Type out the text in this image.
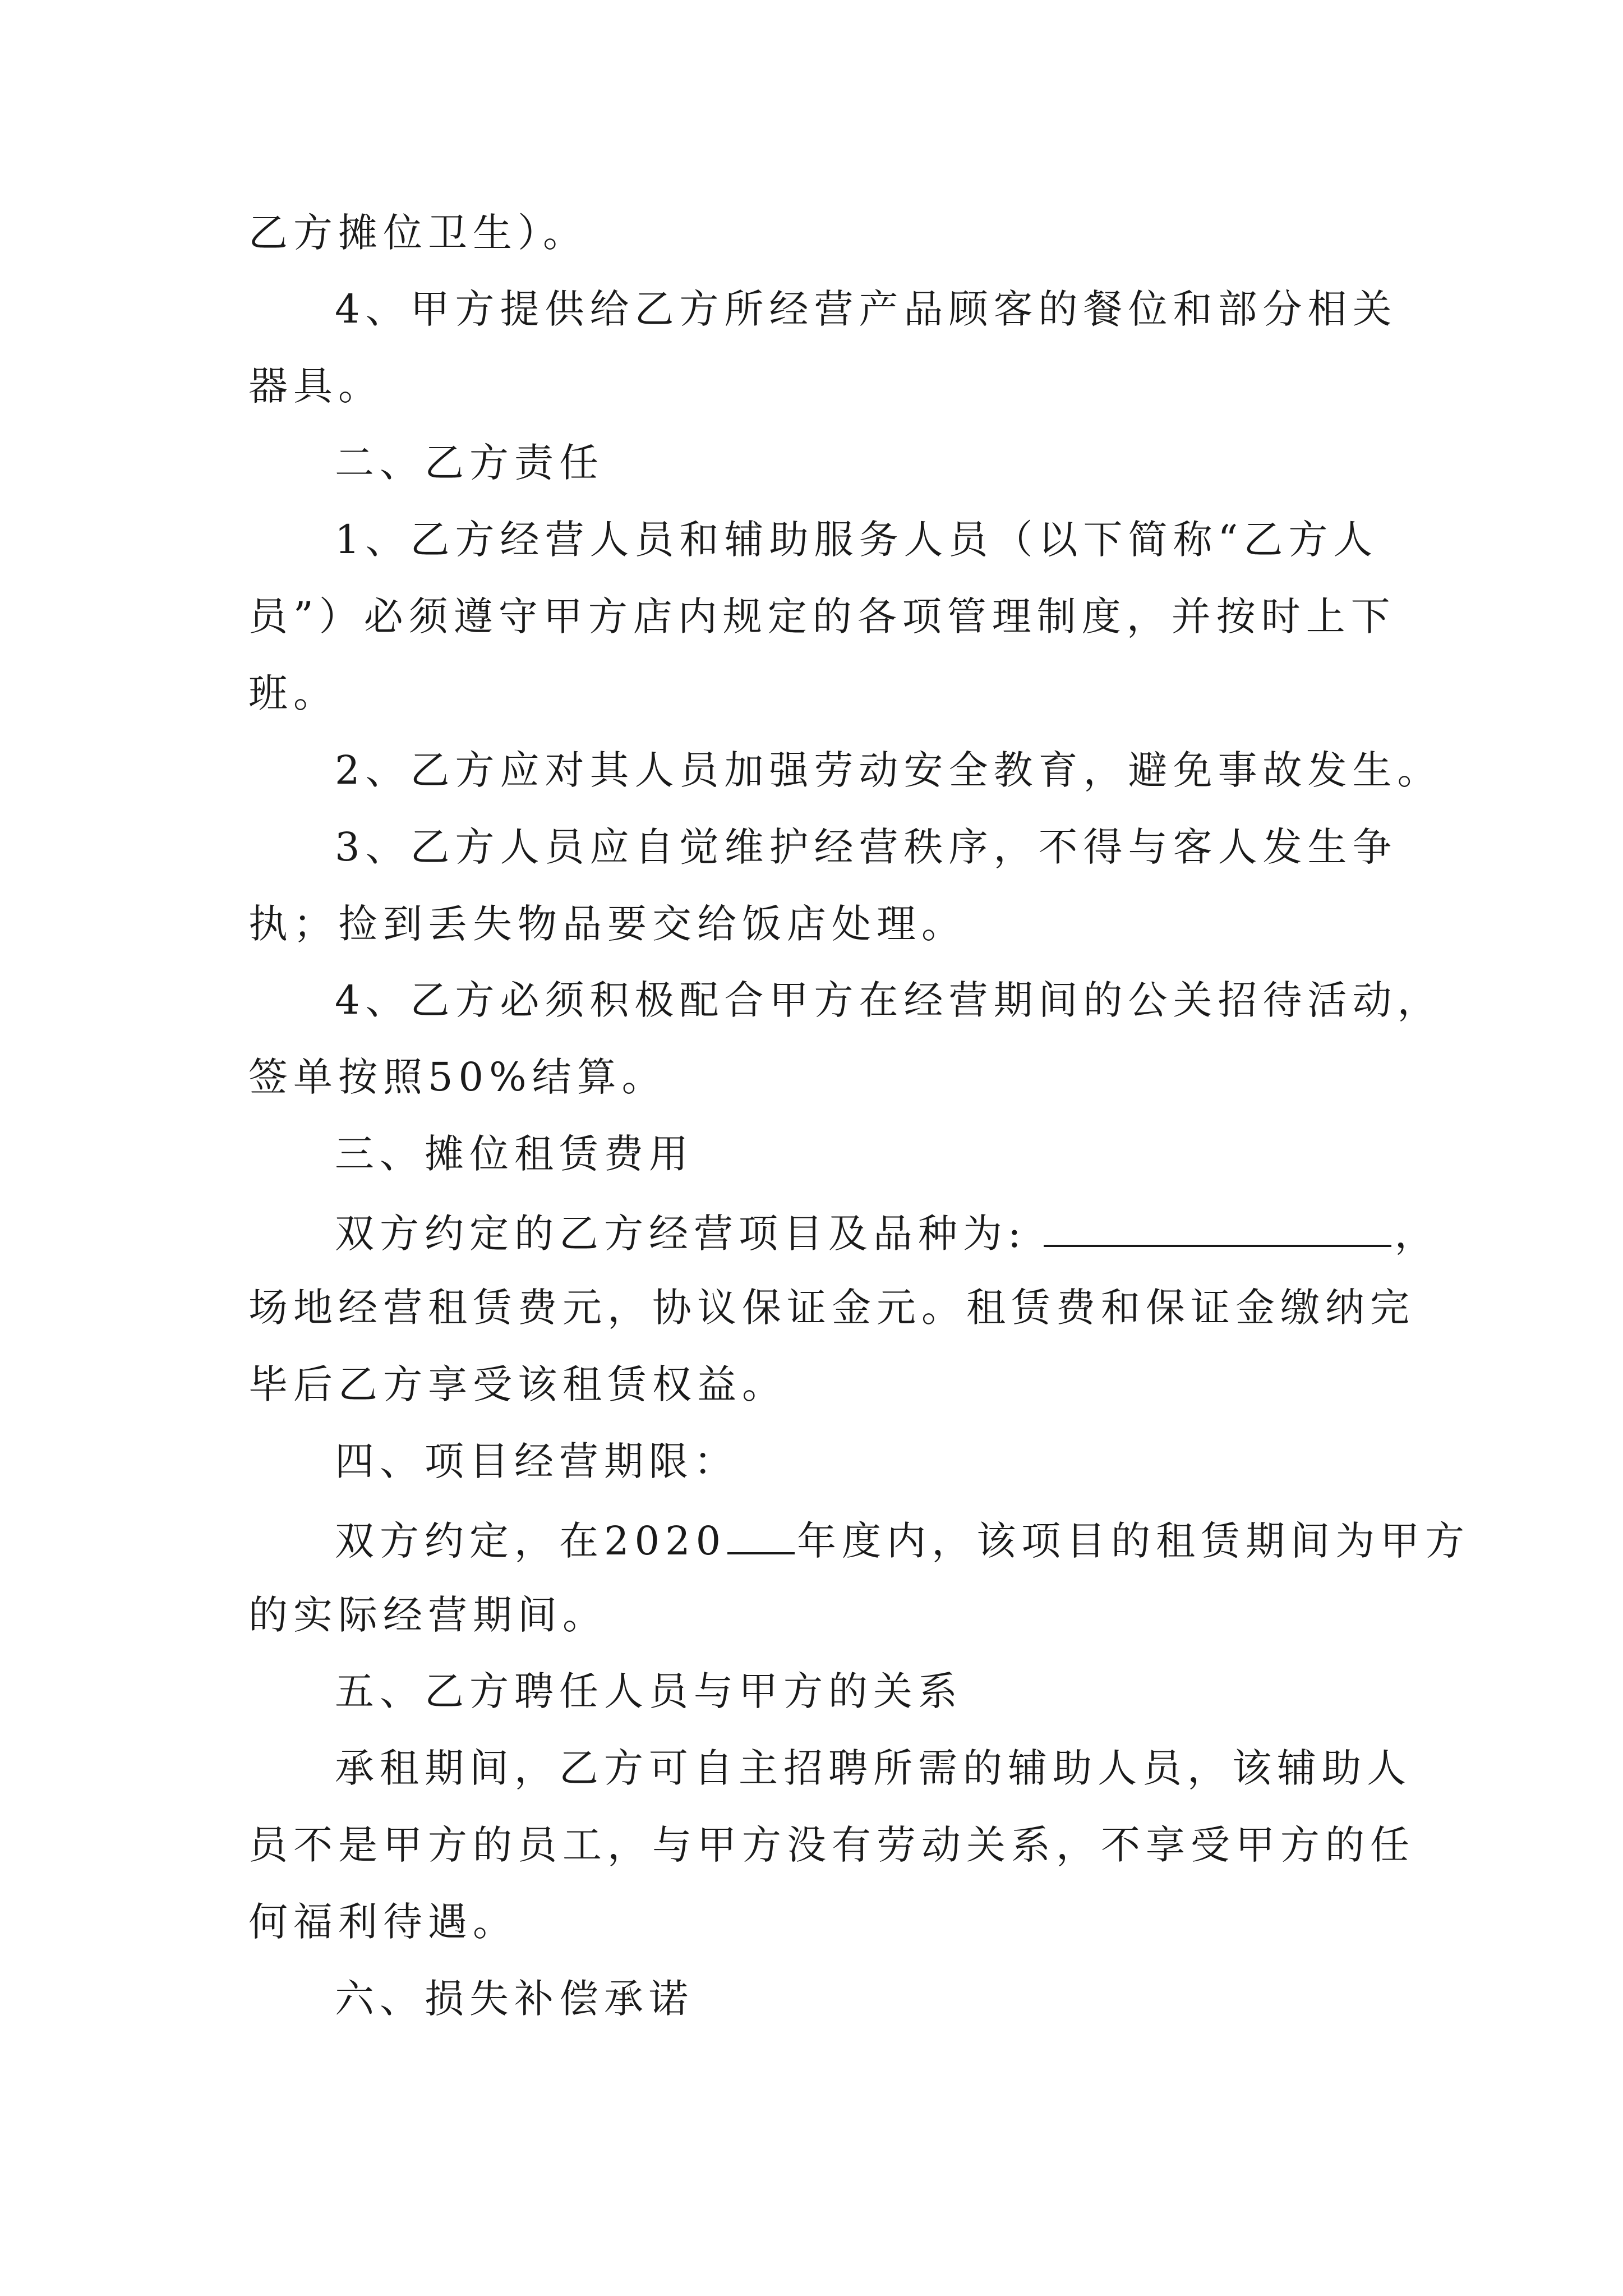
乙方摊位卫生）。

4、甲方提供给乙方所经营产品顾客的餐位和部分相关

器具。

二、乙方责任

1、乙方经营人员和辅助服务人员（以下简称“乙方人

员”）必须遵守甲方店内规定的各项管理制度，并按时上下

班。

2、乙方应对其人员加强劳动安全教育，避免事故发生。

3、乙方人员应自觉维护经营秩序，不得与客人发生争

执；捡到丢失物品要交给饭店处理。

4、乙方必须积极配合甲方在经营期间的公关招待活动，

签单按照50%结算。

三、摊位租赁费用

双方约定的乙方经营项目及品种为:	，

场地经营租赁费元，协议保证金元。租赁费和保证金缴纳完

毕后乙方享受该租赁权益。

四、项目经营期限：

双方约定，在2020 年度内，该项目的租赁期间为甲方

的实际经营期间。

五、乙方聘任人员与甲方的关系

承租期间，乙方可自主招聘所需的辅助人员，该辅助人

员不是甲方的员工，与甲方没有劳动关系，不享受甲方的任

何福利待遇。

六、损失补偿承诺
